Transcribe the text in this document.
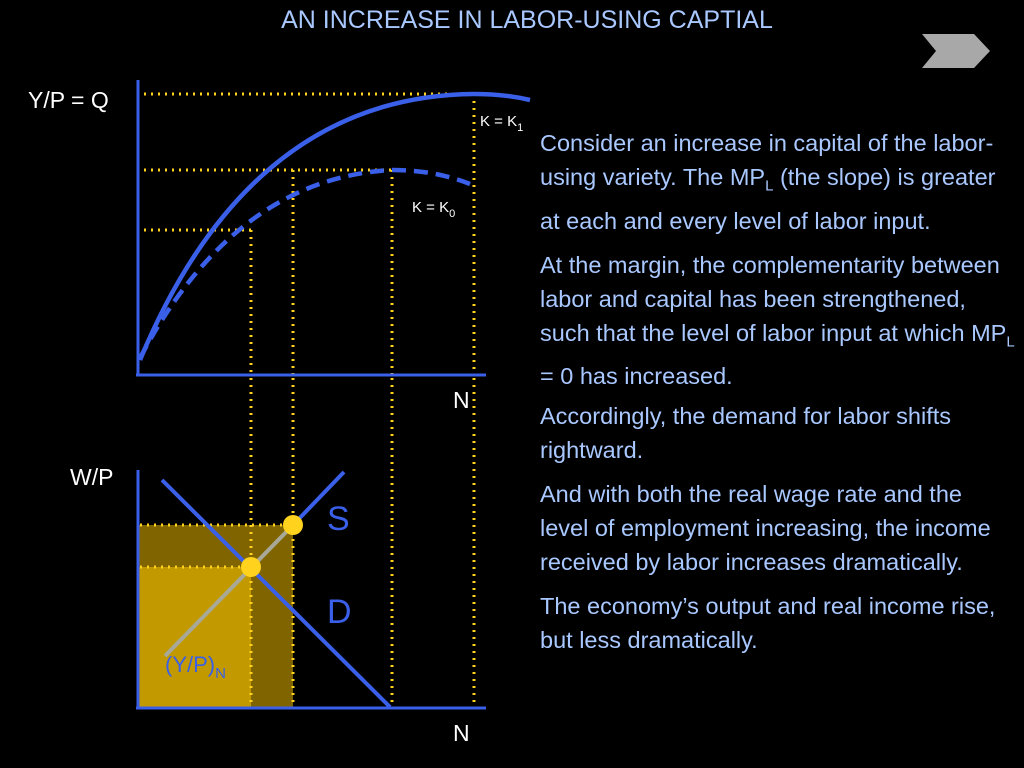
AN INCREASE IN LABOR-USING CAPTIAL
Y/P = Q
N
$K = K_1$
$K = K_0$
W/P
N
S
D
$(Y/P)_N$

Consider an increase in capital of the labor-using variety. The $MP_L$ (the slope) is greater at each and every level of labor input.

At the margin, the complementarity between labor and capital has been strengthened, such that the level of labor input at which $MP_L = 0$ has increased.

Accordingly, the demand for labor shifts rightward.

And with both the real wage rate and the level of employment increasing, the income received by labor increases dramatically.

The economy’s output and real income rise, but less dramatically.
